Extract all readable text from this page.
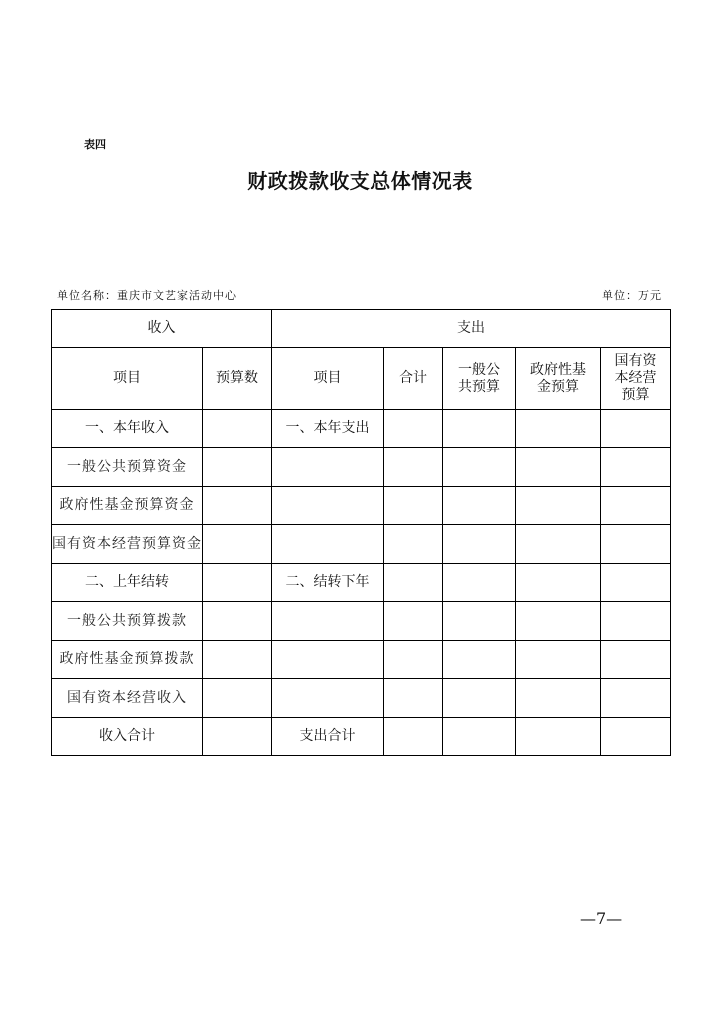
表四
财政拨款收支总体情况表
单位名称：重庆市文艺家活动中心	单位：万元
收入		支出				
项目	预算数	项目	合计	一般公共预算	政府性基金预算	国有资本经营预算

一、本年收入		一、本年支出				
一般公共预算资金						
政府性基金预算资金						
国有资本经营预算资金						
二、上年结转		二、结转下年				
一般公共预算拨款						
政府性基金预算拨款						
国有资本经营收入						
收入合计		支出合计				
—7—
